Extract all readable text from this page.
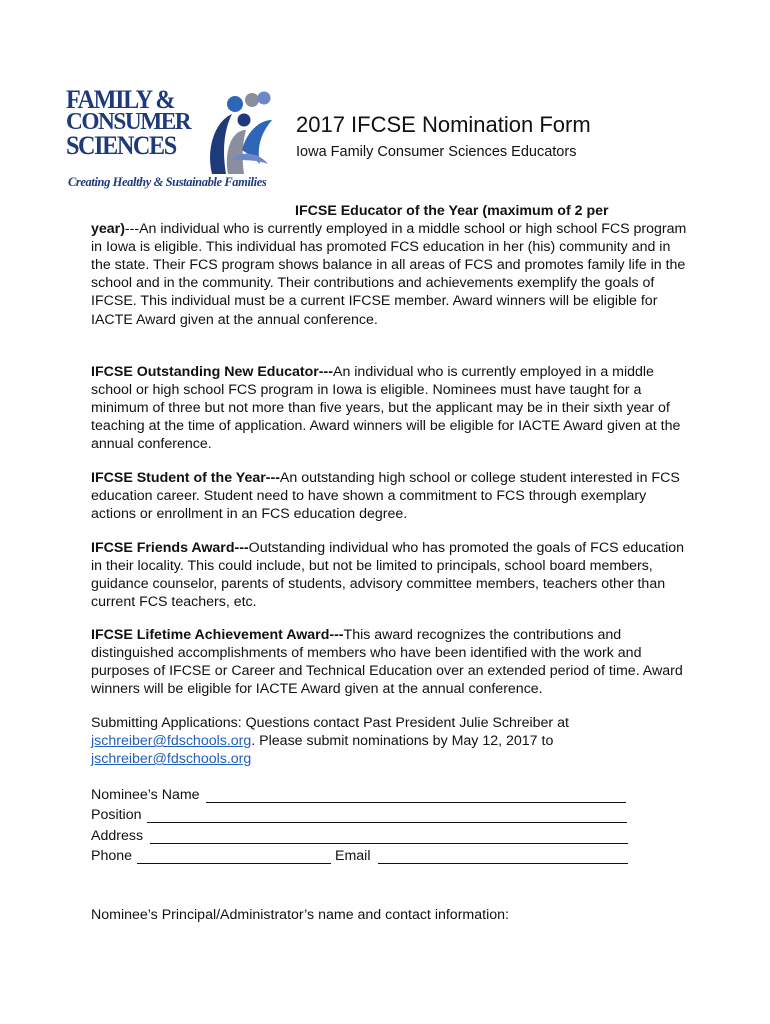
FAMILY &
CONSUMER
SCIENCES
Creating Healthy & Sustainable Families
2017 IFCSE Nomination Form
Iowa Family Consumer Sciences Educators

IFCSE Educator of the Year (maximum of 2 per
year)---An individual who is currently employed in a middle school or high school FCS program in Iowa is eligible. This individual has promoted FCS education in her (his) community and in the state. Their FCS program shows balance in all areas of FCS and promotes family life in the school and in the community. Their contributions and achievements exemplify the goals of IFCSE. This individual must be a current IFCSE member. Award winners will be eligible for IACTE Award given at the annual conference.

IFCSE Outstanding New Educator---An individual who is currently employed in a middle school or high school FCS program in Iowa is eligible. Nominees must have taught for a minimum of three but not more than five years, but the applicant may be in their sixth year of teaching at the time of application. Award winners will be eligible for IACTE Award given at the annual conference.

IFCSE Student of the Year---An outstanding high school or college student interested in FCS education career. Student need to have shown a commitment to FCS through exemplary actions or enrollment in an FCS education degree.

IFCSE Friends Award---Outstanding individual who has promoted the goals of FCS education in their locality. This could include, but not be limited to principals, school board members, guidance counselor, parents of students, advisory committee members, teachers other than current FCS teachers, etc.

IFCSE Lifetime Achievement Award---This award recognizes the contributions and distinguished accomplishments of members who have been identified with the work and purposes of IFCSE or Career and Technical Education over an extended period of time. Award winners will be eligible for IACTE Award given at the annual conference.

Submitting Applications: Questions contact Past President Julie Schreiber at jschreiber@fdschools.org. Please submit nominations by May 12, 2017 to jschreiber@fdschools.org

Nominee’s Name
Position
Address
Phone	Email
Nominee’s Principal/Administrator’s name and contact information:
